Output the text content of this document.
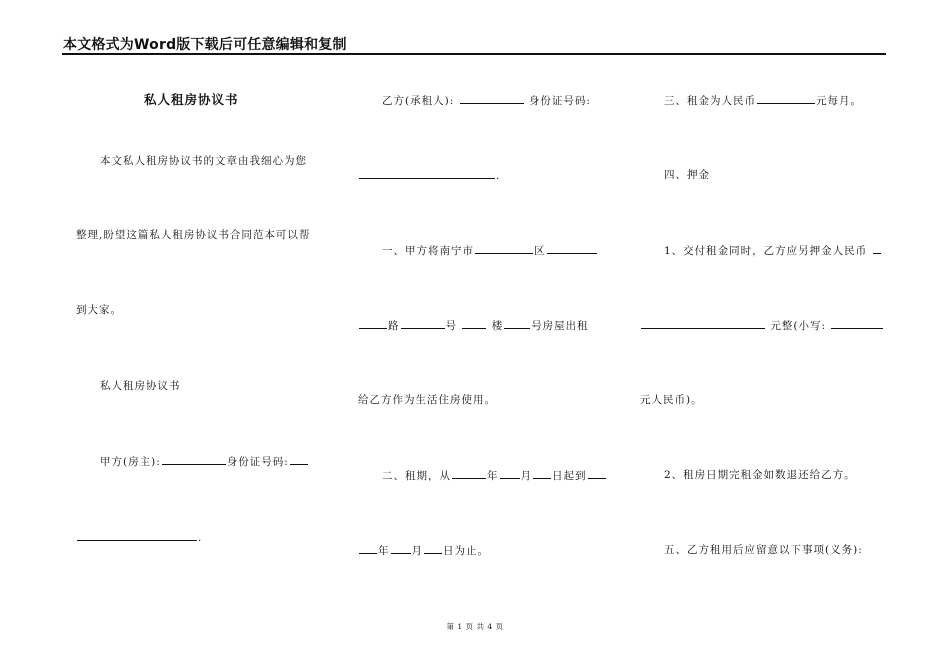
本文格式为Word版下载后可任意编辑和复制
私人租房协议书
本文私人租房协议书的文章由我细心为您
整理,盼望这篇私人租房协议书合同范本可以帮
到大家。
私人租房协议书
甲方(房主):	身份证号码:
.
乙方(承租人):	身份证号码:
.
一、甲方将南宁市	区
路	号	楼	号房屋出租
给乙方作为生活住房使用。
二、租期，从	年 月 日起到
年 月 日为止。
三、租金为人民币	元每月。
四、押金
1、交付租金同时，乙方应另押金人民币
元整(小写:
元人民币)。
2、租房日期完租金如数退还给乙方。
五、乙方租用后应留意以下事项(义务):
第 1 页 共 4 页
